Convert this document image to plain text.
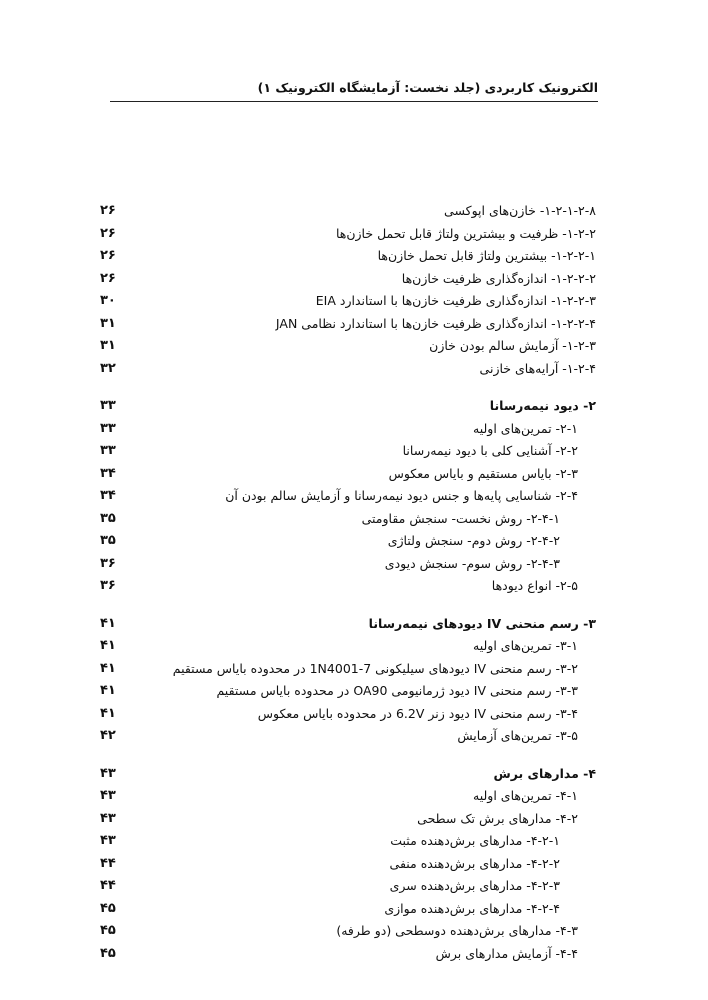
الکترونیک کاربردی (جلد نخست: آزمایشگاه الکترونیک ۱)
۱-۲-۱-۲-۸- خازن‌های اپوکسی
۲۶
۱-۲-۲- ظرفیت و بیشترین ولتاژ قابل تحمل خازن‌ها
۲۶
۱-۲-۲-۱- بیشترین ولتاژ قابل تحمل خازن‌ها
۲۶
۱-۲-۲-۲- اندازه‌گذاری ظرفیت خازن‌ها
۲۶
۱-۲-۲-۳- اندازه‌گذاری ظرفیت خازن‌ها با استاندارد EIA
۳۰
۱-۲-۲-۴- اندازه‌گذاری ظرفیت خازن‌ها با استاندارد نظامی JAN
۳۱
۱-۲-۳- آزمایش سالم بودن خازن
۳۱
۱-۲-۴- آرایه‌های خازنی
۳۲
۲- دیود نیمه‌رسانا
۳۳
۲-۱- تمرین‌های اولیه
۳۳
۲-۲- آشنایی کلی با دیود نیمه‌رسانا
۳۳
۲-۳- بایاس مستقیم و بایاس معکوس
۳۴
۲-۴- شناسایی پایه‌ها و جنس دیود نیمه‌رسانا و آزمایش سالم بودن آن
۳۴
۲-۴-۱- روش نخست- سنجش مقاومتی
۳۵
۲-۴-۲- روش دوم- سنجش ولتاژی
۳۵
۲-۴-۳- روش سوم- سنجش دیودی
۳۶
۲-۵- انواع دیودها
۳۶
۳- رسم منحنی IV دیودهای نیمه‌رسانا
۴۱
۳-۱- تمرین‌های اولیه
۴۱
۳-۲- رسم منحنی IV دیودهای سیلیکونی 1N4001-7 در محدوده بایاس مستقیم
۴۱
۳-۳- رسم منحنی IV دیود ژرمانیومی OA90 در محدوده بایاس مستقیم
۴۱
۳-۴- رسم منحنی IV دیود زنر 6.2V در محدوده بایاس معکوس
۴۱
۳-۵- تمرین‌های آزمایش
۴۲
۴- مدارهای برش
۴۳
۴-۱- تمرین‌های اولیه
۴۳
۴-۲- مدارهای برش تک سطحی
۴۳
۴-۲-۱- مدارهای برش‌دهنده مثبت
۴۳
۴-۲-۲- مدارهای برش‌دهنده منفی
۴۴
۴-۲-۳- مدارهای برش‌دهنده سری
۴۴
۴-۲-۴- مدارهای برش‌دهنده موازی
۴۵
۴-۳- مدارهای برش‌دهنده دوسطحی (دو طرفه)
۴۵
۴-۴- آزمایش مدارهای برش
۴۵
